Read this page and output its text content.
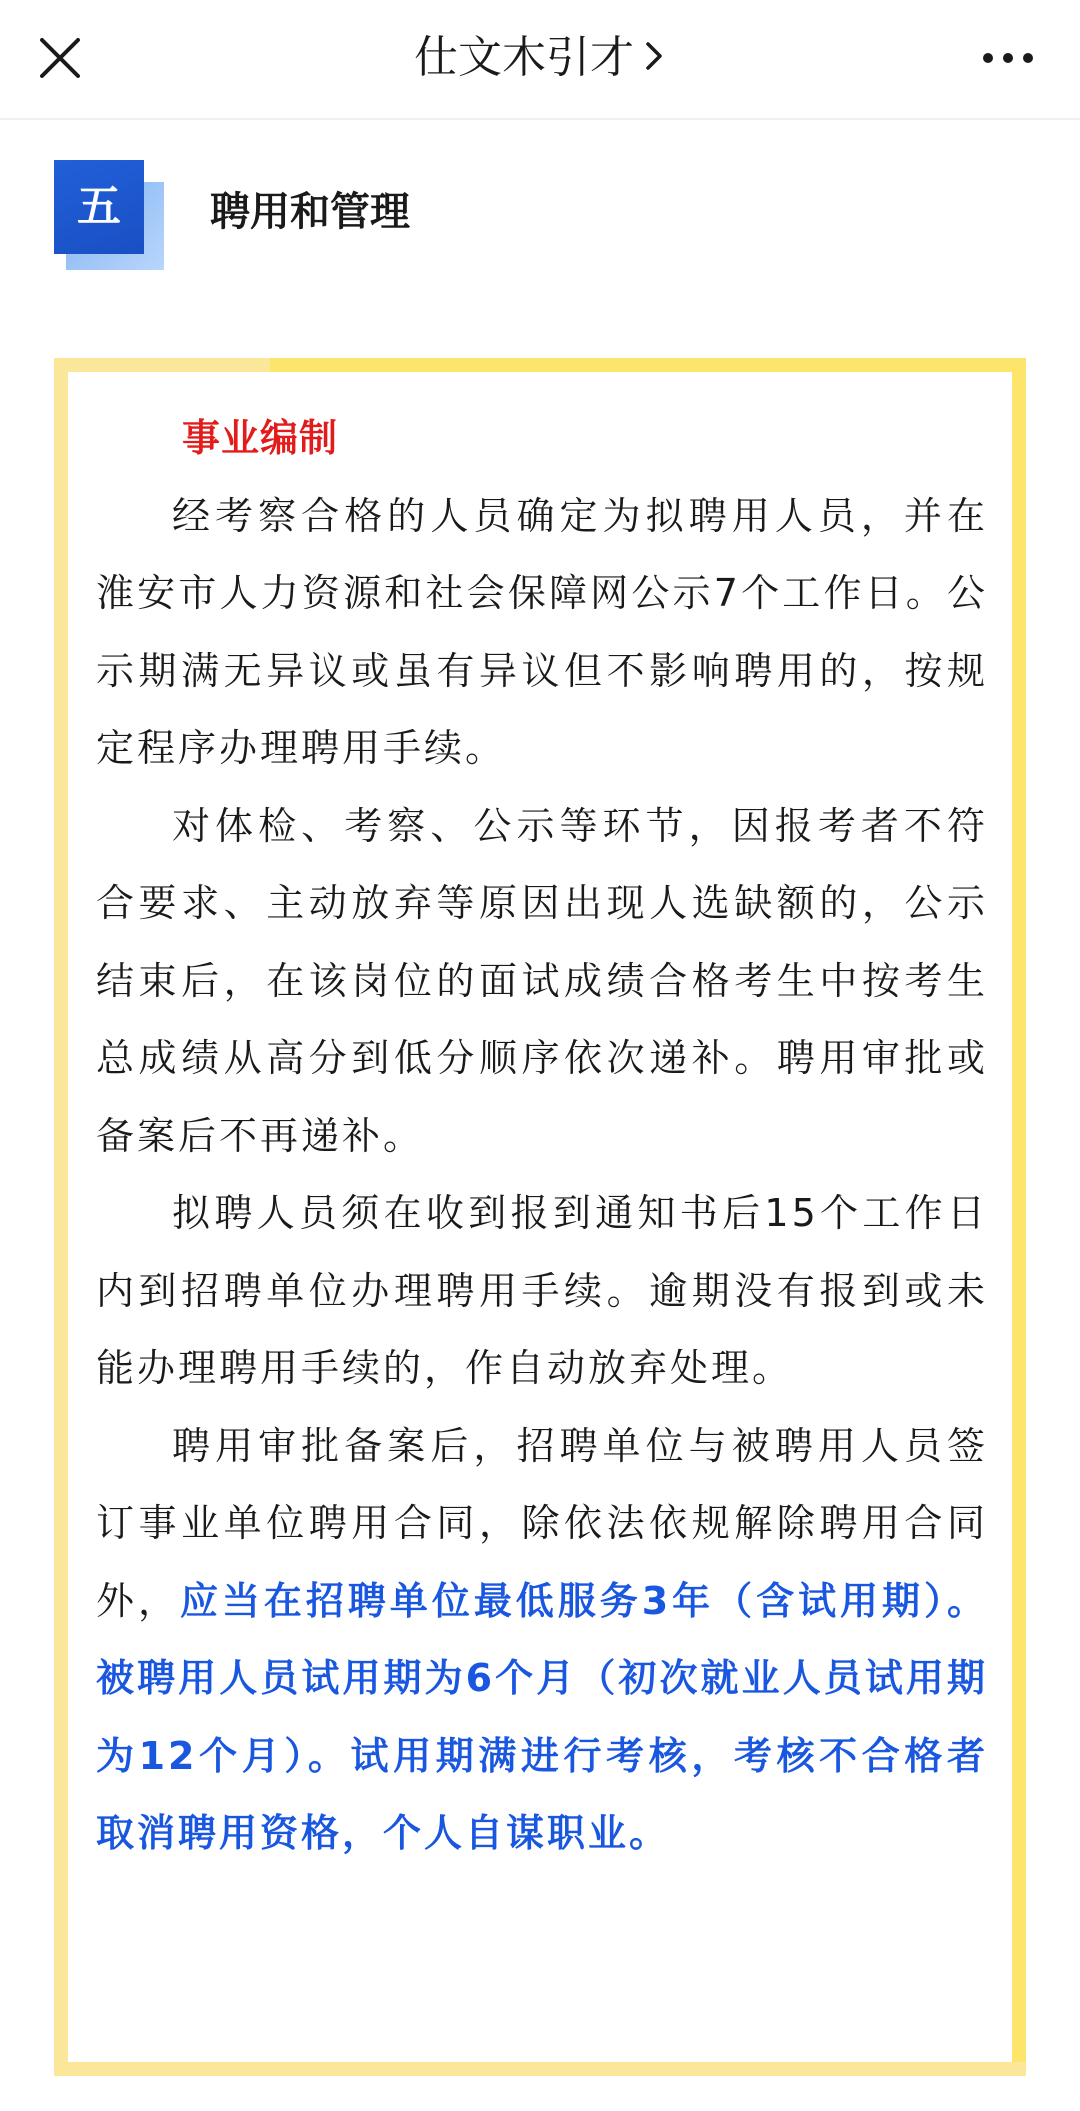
仕文木引才
五	聘用和管理
事业编制

经考察合格的人员确定为拟聘用人员，并在淮安市人力资源和社会保障网公示7个工作日。公示期满无异议或虽有异议但不影响聘用的，按规定程序办理聘用手续。

对体检、考察、公示等环节，因报考者不符合要求、主动放弃等原因出现人选缺额的，公示结束后，在该岗位的面试成绩合格考生中按考生总成绩从高分到低分顺序依次递补。聘用审批或备案后不再递补。

拟聘人员须在收到报到通知书后15个工作日内到招聘单位办理聘用手续。逾期没有报到或未能办理聘用手续的，作自动放弃处理。

聘用审批备案后，招聘单位与被聘用人员签订事业单位聘用合同，除依法依规解除聘用合同外，应当在招聘单位最低服务3年（含试用期）。被聘用人员试用期为6个月（初次就业人员试用期为12个月）。试用期满进行考核，考核不合格者取消聘用资格，个人自谋职业。
